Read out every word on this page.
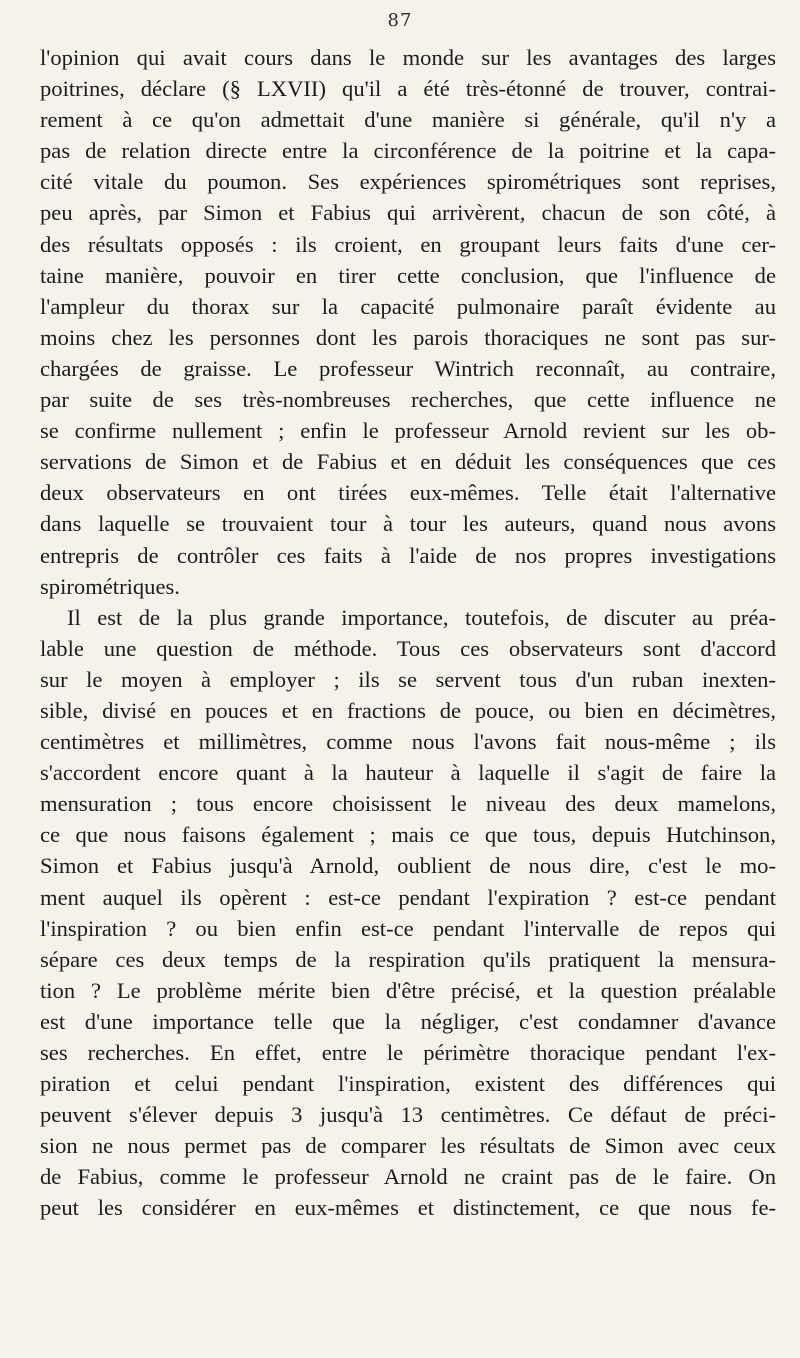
87
l'opinion qui avait cours dans le monde sur les avantages des larges
poitrines, déclare (§ LXVII) qu'il a été très-étonné de trouver, contrai-
rement à ce qu'on admettait d'une manière si générale, qu'il n'y a
pas de relation directe entre la circonférence de la poitrine et la capa-
cité vitale du poumon. Ses expériences spirométriques sont reprises,
peu après, par Simon et Fabius qui arrivèrent, chacun de son côté, à
des résultats opposés : ils croient, en groupant leurs faits d'une cer-
taine manière, pouvoir en tirer cette conclusion, que l'influence de
l'ampleur du thorax sur la capacité pulmonaire paraît évidente au
moins chez les personnes dont les parois thoraciques ne sont pas sur-
chargées de graisse. Le professeur Wintrich reconnaît, au contraire,
par suite de ses très-nombreuses recherches, que cette influence ne
se confirme nullement ; enfin le professeur Arnold revient sur les ob-
servations de Simon et de Fabius et en déduit les conséquences que ces
deux observateurs en ont tirées eux-mêmes. Telle était l'alternative
dans laquelle se trouvaient tour à tour les auteurs, quand nous avons
entrepris de contrôler ces faits à l'aide de nos propres investigations
spirométriques.
Il est de la plus grande importance, toutefois, de discuter au préa-
lable une question de méthode. Tous ces observateurs sont d'accord
sur le moyen à employer ; ils se servent tous d'un ruban inexten-
sible, divisé en pouces et en fractions de pouce, ou bien en décimètres,
centimètres et millimètres, comme nous l'avons fait nous-même ; ils
s'accordent encore quant à la hauteur à laquelle il s'agit de faire la
mensuration ; tous encore choisissent le niveau des deux mamelons,
ce que nous faisons également ; mais ce que tous, depuis Hutchinson,
Simon et Fabius jusqu'à Arnold, oublient de nous dire, c'est le mo-
ment auquel ils opèrent : est-ce pendant l'expiration ? est-ce pendant
l'inspiration ? ou bien enfin est-ce pendant l'intervalle de repos qui
sépare ces deux temps de la respiration qu'ils pratiquent la mensura-
tion ? Le problème mérite bien d'être précisé, et la question préalable
est d'une importance telle que la négliger, c'est condamner d'avance
ses recherches. En effet, entre le périmètre thoracique pendant l'ex-
piration et celui pendant l'inspiration, existent des différences qui
peuvent s'élever depuis 3 jusqu'à 13 centimètres. Ce défaut de préci-
sion ne nous permet pas de comparer les résultats de Simon avec ceux
de Fabius, comme le professeur Arnold ne craint pas de le faire. On
peut les considérer en eux-mêmes et distinctement, ce que nous fe-
